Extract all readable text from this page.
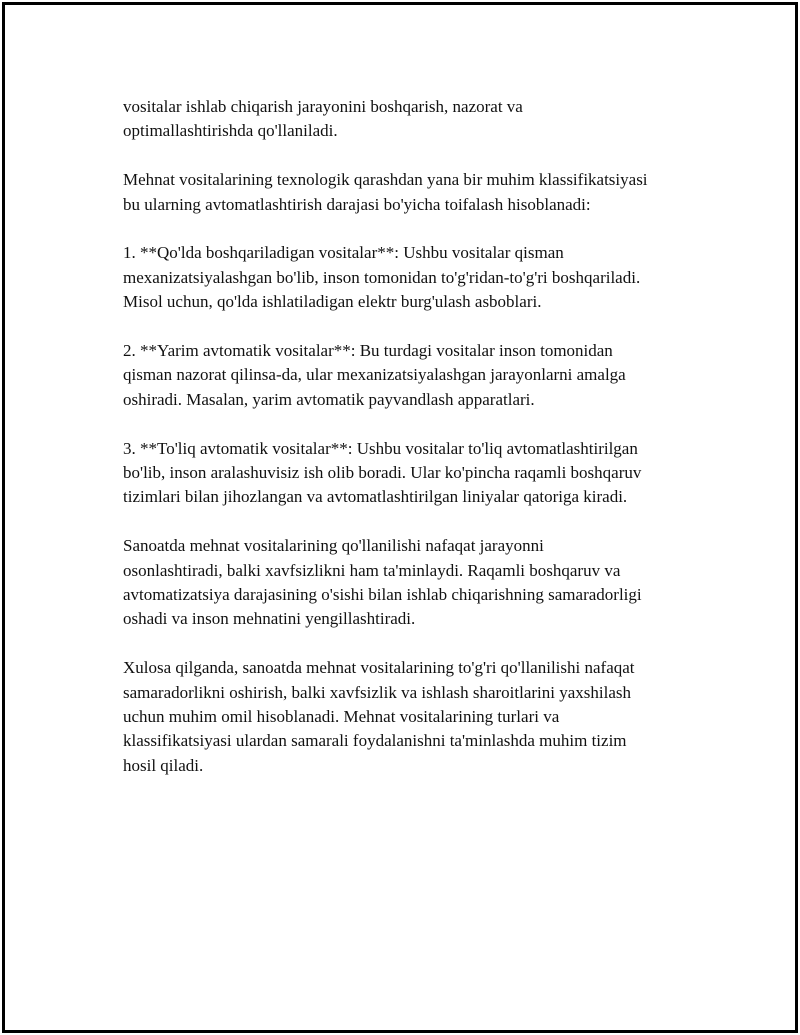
vositalar ishlab chiqarish jarayonini boshqarish, nazorat va
optimallashtirishda qo'llaniladi.

Mehnat vositalarining texnologik qarashdan yana bir muhim klassifikatsiyasi
bu ularning avtomatlashtirish darajasi bo'yicha toifalash hisoblanadi:

1. **Qo'lda boshqariladigan vositalar**: Ushbu vositalar qisman
mexanizatsiyalashgan bo'lib, inson tomonidan to'g'ridan-to'g'ri boshqariladi.
Misol uchun, qo'lda ishlatiladigan elektr burg'ulash asboblari.

2. **Yarim avtomatik vositalar**: Bu turdagi vositalar inson tomonidan
qisman nazorat qilinsa-da, ular mexanizatsiyalashgan jarayonlarni amalga
oshiradi. Masalan, yarim avtomatik payvandlash apparatlari.

3. **To'liq avtomatik vositalar**: Ushbu vositalar to'liq avtomatlashtirilgan
bo'lib, inson aralashuvisiz ish olib boradi. Ular ko'pincha raqamli boshqaruv
tizimlari bilan jihozlangan va avtomatlashtirilgan liniyalar qatoriga kiradi.

Sanoatda mehnat vositalarining qo'llanilishi nafaqat jarayonni
osonlashtiradi, balki xavfsizlikni ham ta'minlaydi. Raqamli boshqaruv va
avtomatizatsiya darajasining o'sishi bilan ishlab chiqarishning samaradorligi
oshadi va inson mehnatini yengillashtiradi.

Xulosa qilganda, sanoatda mehnat vositalarining to'g'ri qo'llanilishi nafaqat
samaradorlikni oshirish, balki xavfsizlik va ishlash sharoitlarini yaxshilash
uchun muhim omil hisoblanadi. Mehnat vositalarining turlari va
klassifikatsiyasi ulardan samarali foydalanishni ta'minlashda muhim tizim
hosil qiladi.
